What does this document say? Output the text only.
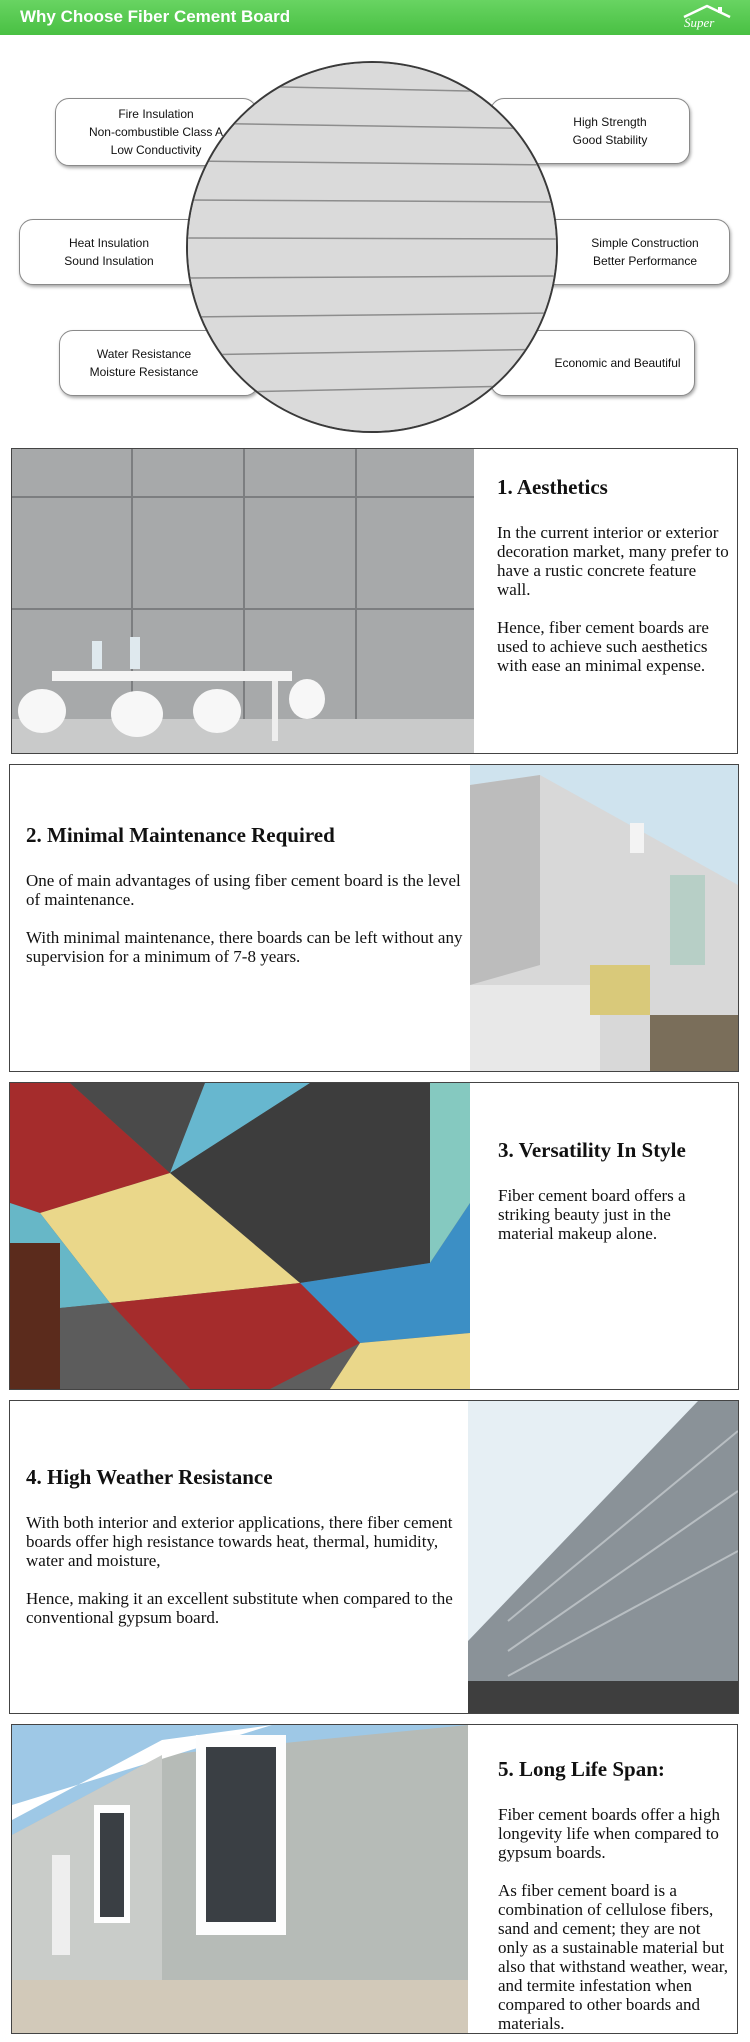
Why Choose Fiber Cement Board	Super
Fire Insulation
Non-combustible Class A
Low Conductivity
High Strength
Good Stability
Heat Insulation
Sound Insulation
Simple Construction
Better Performance
Water Resistance
Moisture Resistance
Economic and Beautiful

1. Aesthetics

In the current interior or exterior decoration market, many prefer to have a rustic concrete feature wall.

Hence, fiber cement boards are used to achieve such aesthetics with ease an minimal expense.

2. Minimal Maintenance Required

One of main advantages of using fiber cement board is the level of maintenance.

With minimal maintenance, there boards can be left without any supervision for a minimum of 7-8 years.

3. Versatility In Style

Fiber cement board offers a striking beauty just in the material makeup alone.

4. High Weather Resistance

With both interior and exterior applications, there fiber cement boards offer high resistance towards heat, thermal, humidity, water and moisture,

Hence, making it an excellent substitute when compared to the conventional gypsum board.

5. Long Life Span:

Fiber cement boards offer a high longevity life when compared to gypsum boards.

As fiber cement board is a combination of cellulose fibers, sand and cement; they are not only as a sustainable material but also that withstand weather, wear, and termite infestation when compared to other boards and materials.
